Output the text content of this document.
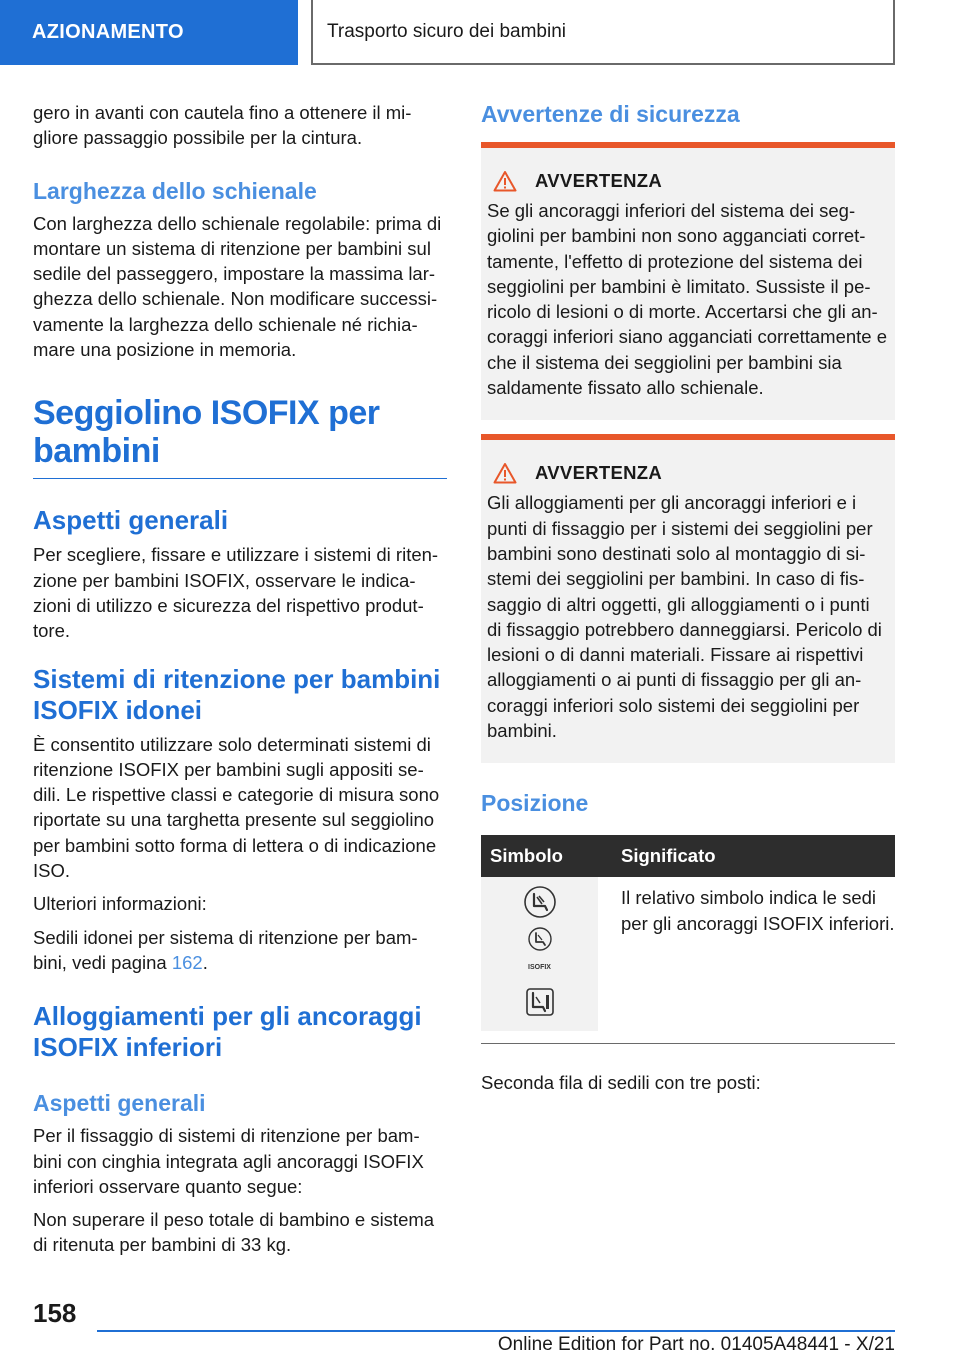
AZIONAMENTO	Trasporto sicuro dei bambini

gero in avanti con cautela fino a ottenere il mi-
gliore passaggio possibile per la cintura.

Larghezza dello schienale

Con larghezza dello schienale regolabile: prima di montare un sistema di ritenzione per bambini sul sedile del passeggero, impostare la massima lar-ghezza dello schienale. Non modificare successi-vamente la larghezza dello schienale né richia-mare una posizione in memoria.

Seggiolino ISOFIX per bambini
Aspetti generali

Per scegliere, fissare e utilizzare i sistemi di riten-zione per bambini ISOFIX, osservare le indica-zioni di utilizzo e sicurezza del rispettivo produt-tore.

Sistemi di ritenzione per bambini ISOFIX idonei

È consentito utilizzare solo determinati sistemi di ritenzione ISOFIX per bambini sugli appositi se-dili. Le rispettive classi e categorie di misura sono riportate su una targhetta presente sul seggiolino per bambini sotto forma di lettera o di indicazione ISO.

Ulteriori informazioni:

Sedili idonei per sistema di ritenzione per bam-bini, vedi pagina 162.

Alloggiamenti per gli ancoraggi ISOFIX inferiori
Aspetti generali

Per il fissaggio di sistemi di ritenzione per bam-bini con cinghia integrata agli ancoraggi ISOFIX inferiori osservare quanto segue:

Non superare il peso totale di bambino e sistema di ritenuta per bambini di 33 kg.

Avvertenze di sicurezza
AVVERTENZA

Se gli ancoraggi inferiori del sistema dei seg-giolini per bambini non sono agganciati corret-tamente, l'effetto di protezione del sistema dei seggiolini per bambini è limitato. Sussiste il pe-ricolo di lesioni o di morte. Accertarsi che gli an-coraggi inferiori siano agganciati correttamente e che il sistema dei seggiolini per bambini sia saldamente fissato allo schienale.

AVVERTENZA

Gli alloggiamenti per gli ancoraggi inferiori e i punti di fissaggio per i sistemi dei seggiolini per bambini sono destinati solo al montaggio di si-stemi dei seggiolini per bambini. In caso di fis-saggio di altri oggetti, gli alloggiamenti o i punti di fissaggio potrebbero danneggiarsi. Pericolo di lesioni o di danni materiali. Fissare ai rispettivi alloggiamenti o ai punti di fissaggio per gli an-coraggi inferiori solo sistemi dei seggiolini per bambini.

Posizione
Simbolo	Significato

ISOFIX	Il relativo simbolo indica le sedi per gli ancoraggi ISOFIX inferiori.

Seconda fila di sedili con tre posti:

158
Online Edition for Part no. 01405A48441 - X/21
